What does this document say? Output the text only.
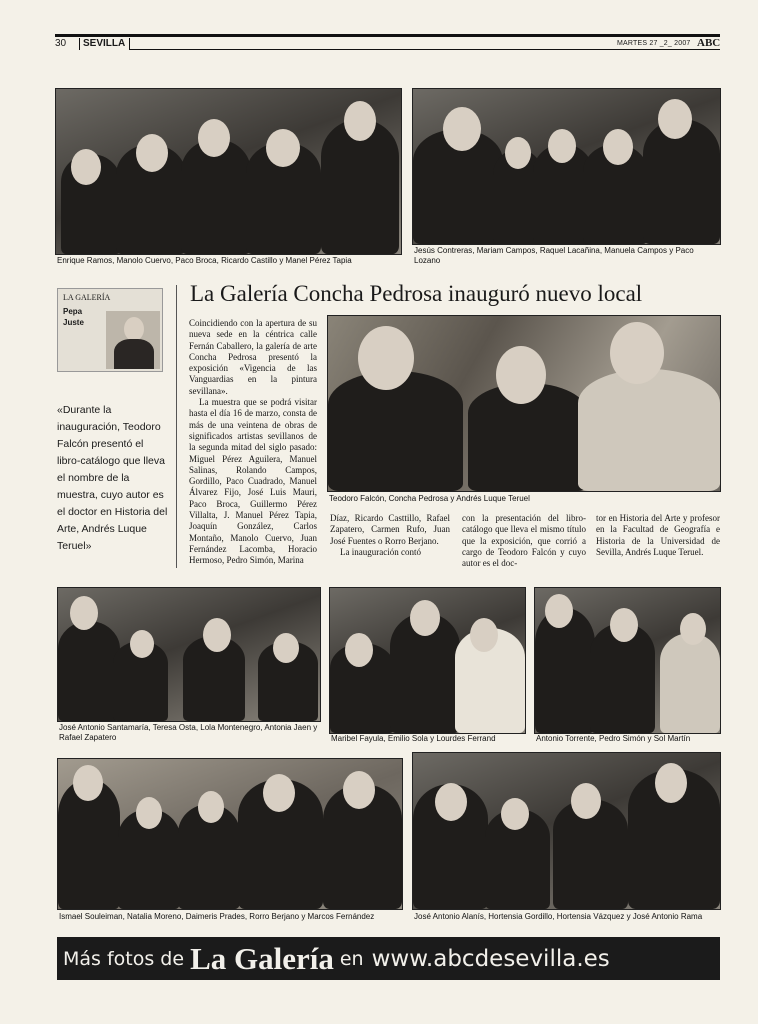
30 SEVILLA	MARTES 27 _2_ 2007 ABC
Enrique Ramos, Manolo Cuervo, Paco Broca, Ricardo Castillo y Manel Pérez Tapia
Jesús Contreras, Mariam Campos, Raquel Lacañina, Manuela Campos y Paco Lozano
LA GALERÍA
Pepa
Juste
«Durante la inauguración, Teodoro Falcón presentó el libro-catálogo que lleva el nombre de la muestra, cuyo autor es el doctor en Historia del Arte, Andrés Luque Teruel»
La Galería Concha Pedrosa inauguró nuevo local

Coincidiendo con la apertura de su nueva sede en la céntrica calle Fernán Caballero, la galería de arte Concha Pedrosa presentó la exposición «Vigencia de las Vanguardias en la pintura sevillana».

La muestra que se podrá visitar hasta el día 16 de marzo, consta de más de una veintena de obras de significados artistas sevillanos de la segunda mitad del siglo pasado: Miguel Pérez Aguilera, Manuel Salinas, Rolando Campos, Gordillo, Paco Cuadrado, Manuel Álvarez Fijo, José Luis Mauri, Paco Broca, Guillermo Pérez Villalta, J. Manuel Pérez Tapia, Joaquín González, Carlos Montaño, Manolo Cuervo, Juan Fernández Lacomba, Horacio Hermoso, Pedro Simón, Marina

Teodoro Falcón, Concha Pedrosa y Andrés Luque Teruel

Díaz, Ricardo Casttillo, Rafael Zapatero, Carmen Rufo, Juan José Fuentes o Rorro Berjano.

La inauguración contó

con la presentación del libro-catálogo que lleva el mismo título que la exposición, que corrió a cargo de Teodoro Falcón y cuyo autor es el doc-

tor en Historia del Arte y profesor en la Facultad de Geografía e Historia de la Universidad de Sevilla, Andrés Luque Teruel.

José Antonio Santamaría, Teresa Osta, Lola Montenegro, Antonia Jaen y Rafael Zapatero	Maribel Fayula, Emilio Sola y Lourdes Ferrand	Antonio Torrente, Pedro Simón y Sol Martín
Ismael Souleiman, Natalia Moreno, Daimeris Prades, Rorro Berjano y Marcos Fernández	José Antonio Alanís, Hortensia Gordillo, Hortensia Vázquez y José Antonio Rama
Más fotos de La Galería en www.abcdesevilla.es
